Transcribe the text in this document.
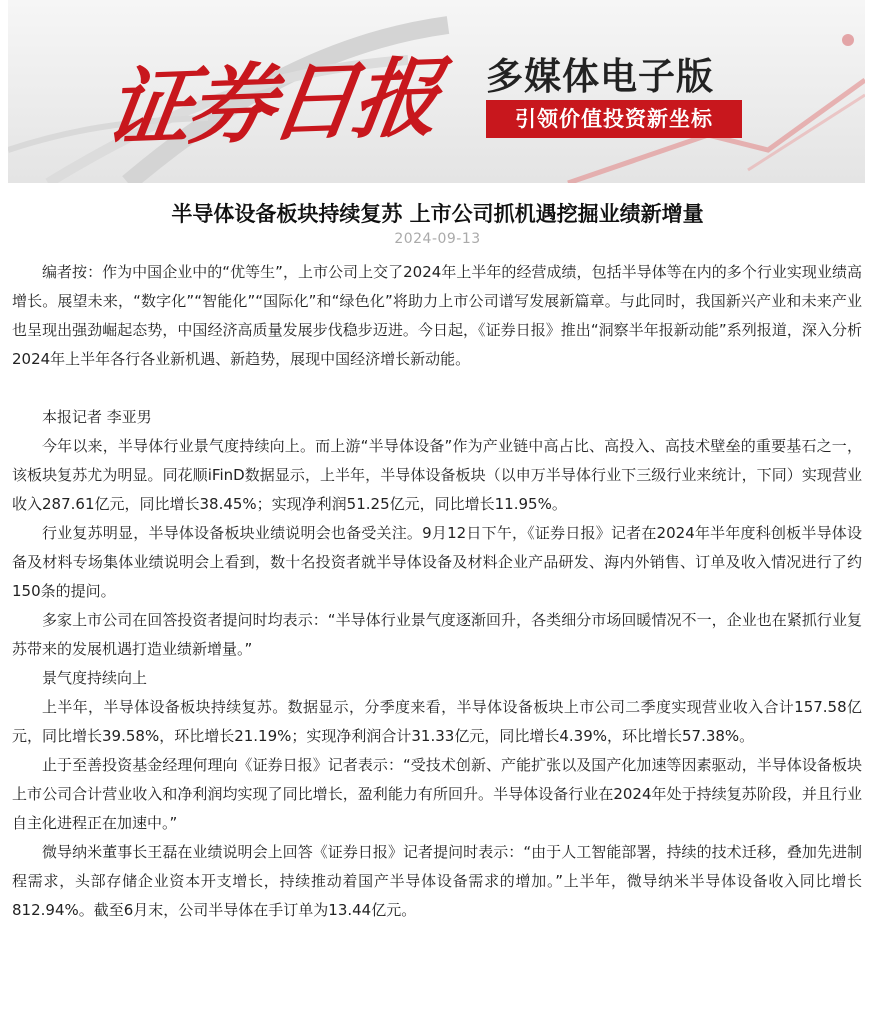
证券日报 多媒体电子版
引领价值投资新坐标
半导体设备板块持续复苏 上市公司抓机遇挖掘业绩新增量
2024-09-13

编者按：作为中国企业中的“优等生”，上市公司上交了2024年上半年的经营成绩，包括半导体等在内的多个行业实现业绩高增长。展望未来，“数字化”“智能化”“国际化”和“绿色化”将助力上市公司谱写发展新篇章。与此同时，我国新兴产业和未来产业也呈现出强劲崛起态势，中国经济高质量发展步伐稳步迈进。今日起，《证券日报》推出“洞察半年报新动能”系列报道，深入分析2024年上半年各行各业新机遇、新趋势，展现中国经济增长新动能。

本报记者 李亚男

今年以来，半导体行业景气度持续向上。而上游“半导体设备”作为产业链中高占比、高投入、高技术壁垒的重要基石之一，该板块复苏尤为明显。同花顺iFinD数据显示，上半年，半导体设备板块（以申万半导体行业下三级行业来统计，下同）实现营业收入287.61亿元，同比增长38.45%；实现净利润51.25亿元，同比增长11.95%。

行业复苏明显，半导体设备板块业绩说明会也备受关注。9月12日下午，《证券日报》记者在2024年半年度科创板半导体设备及材料专场集体业绩说明会上看到，数十名投资者就半导体设备及材料企业产品研发、海内外销售、订单及收入情况进行了约150条的提问。

多家上市公司在回答投资者提问时均表示：“半导体行业景气度逐渐回升，各类细分市场回暖情况不一，企业也在紧抓行业复苏带来的发展机遇打造业绩新增量。”

景气度持续向上

上半年，半导体设备板块持续复苏。数据显示，分季度来看，半导体设备板块上市公司二季度实现营业收入合计157.58亿元，同比增长39.58%，环比增长21.19%；实现净利润合计31.33亿元，同比增长4.39%，环比增长57.38%。

止于至善投资基金经理何理向《证券日报》记者表示：“受技术创新、产能扩张以及国产化加速等因素驱动，半导体设备板块上市公司合计营业收入和净利润均实现了同比增长，盈利能力有所回升。半导体设备行业在2024年处于持续复苏阶段，并且行业自主化进程正在加速中。”

微导纳米董事长王磊在业绩说明会上回答《证券日报》记者提问时表示：“由于人工智能部署，持续的技术迁移，叠加先进制程需求，头部存储企业资本开支增长，持续推动着国产半导体设备需求的增加。”上半年，微导纳米半导体设备收入同比增长812.94%。截至6月末，公司半导体在手订单为13.44亿元。
